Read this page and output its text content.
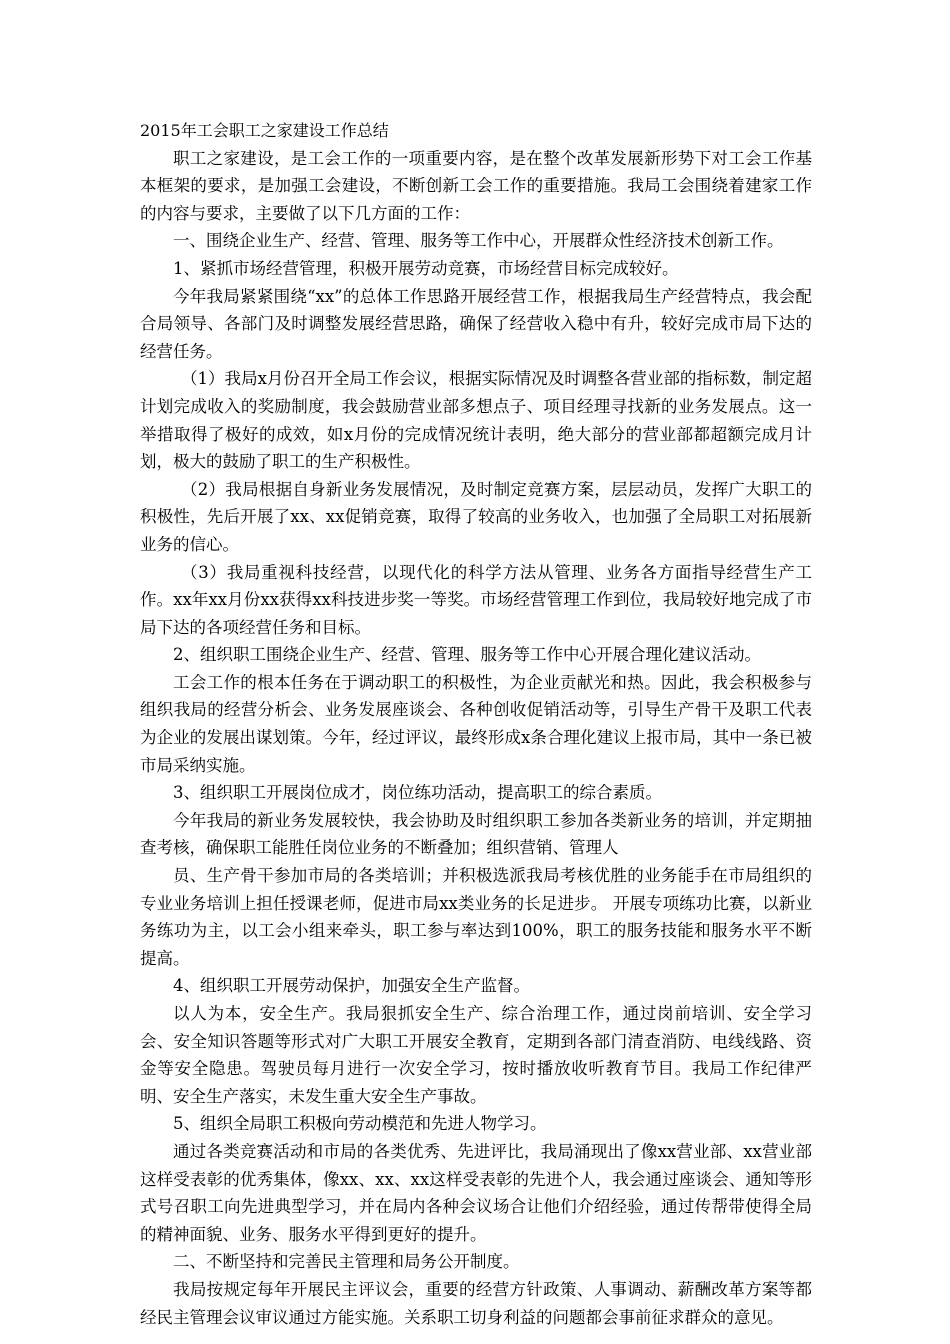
2015年工会职工之家建设工作总结

职工之家建设，是工会工作的一项重要内容，是在整个改革发展新形势下对工会工作基本框架的要求，是加强工会建设，不断创新工会工作的重要措施。我局工会围绕着建家工作的内容与要求，主要做了以下几方面的工作：

一、围绕企业生产、经营、管理、服务等工作中心，开展群众性经济技术创新工作。

1、紧抓市场经营管理，积极开展劳动竞赛，市场经营目标完成较好。

今年我局紧紧围绕“xx”的总体工作思路开展经营工作，根据我局生产经营特点，我会配合局领导、各部门及时调整发展经营思路，确保了经营收入稳中有升，较好完成市局下达的经营任务。

（1）我局x月份召开全局工作会议，根据实际情况及时调整各营业部的指标数，制定超计划完成收入的奖励制度，我会鼓励营业部多想点子、项目经理寻找新的业务发展点。这一举措取得了极好的成效，如x月份的完成情况统计表明，绝大部分的营业部都超额完成月计划，极大的鼓励了职工的生产积极性。

（2）我局根据自身新业务发展情况，及时制定竞赛方案，层层动员，发挥广大职工的积极性，先后开展了xx、xx促销竞赛，取得了较高的业务收入，也加强了全局职工对拓展新业务的信心。

（3）我局重视科技经营，以现代化的科学方法从管理、业务各方面指导经营生产工作。xx年xx月份xx获得xx科技进步奖一等奖。市场经营管理工作到位，我局较好地完成了市局下达的各项经营任务和目标。

2、组织职工围绕企业生产、经营、管理、服务等工作中心开展合理化建议活动。

工会工作的根本任务在于调动职工的积极性，为企业贡献光和热。因此，我会积极参与组织我局的经营分析会、业务发展座谈会、各种创收促销活动等，引导生产骨干及职工代表为企业的发展出谋划策。今年，经过评议，最终形成x条合理化建议上报市局，其中一条已被市局采纳实施。

3、组织职工开展岗位成才，岗位练功活动，提高职工的综合素质。

今年我局的新业务发展较快，我会协助及时组织职工参加各类新业务的培训，并定期抽查考核，确保职工能胜任岗位业务的不断叠加；组织营销、管理人

员、生产骨干参加市局的各类培训；并积极选派我局考核优胜的业务能手在市局组织的专业业务培训上担任授课老师，促进市局xx类业务的长足进步。 开展专项练功比赛，以新业务练功为主，以工会小组来牵头，职工参与率达到100%，职工的服务技能和服务水平不断提高。

4、组织职工开展劳动保护，加强安全生产监督。

以人为本，安全生产。我局狠抓安全生产、综合治理工作，通过岗前培训、安全学习会、安全知识答题等形式对广大职工开展安全教育，定期到各部门清查消防、电线线路、资金等安全隐患。驾驶员每月进行一次安全学习，按时播放收听教育节目。我局工作纪律严明、安全生产落实，未发生重大安全生产事故。

5、组织全局职工积极向劳动模范和先进人物学习。

通过各类竞赛活动和市局的各类优秀、先进评比，我局涌现出了像xx营业部、xx营业部这样受表彰的优秀集体，像xx、xx、xx这样受表彰的先进个人，我会通过座谈会、通知等形式号召职工向先进典型学习，并在局内各种会议场合让他们介绍经验，通过传帮带使得全局的精神面貌、业务、服务水平得到更好的提升。

二、不断坚持和完善民主管理和局务公开制度。

我局按规定每年开展民主评议会，重要的经营方针政策、人事调动、薪酬改革方案等都经民主管理会议审议通过方能实施。关系职工切身利益的问题都会事前征求群众的意见。
